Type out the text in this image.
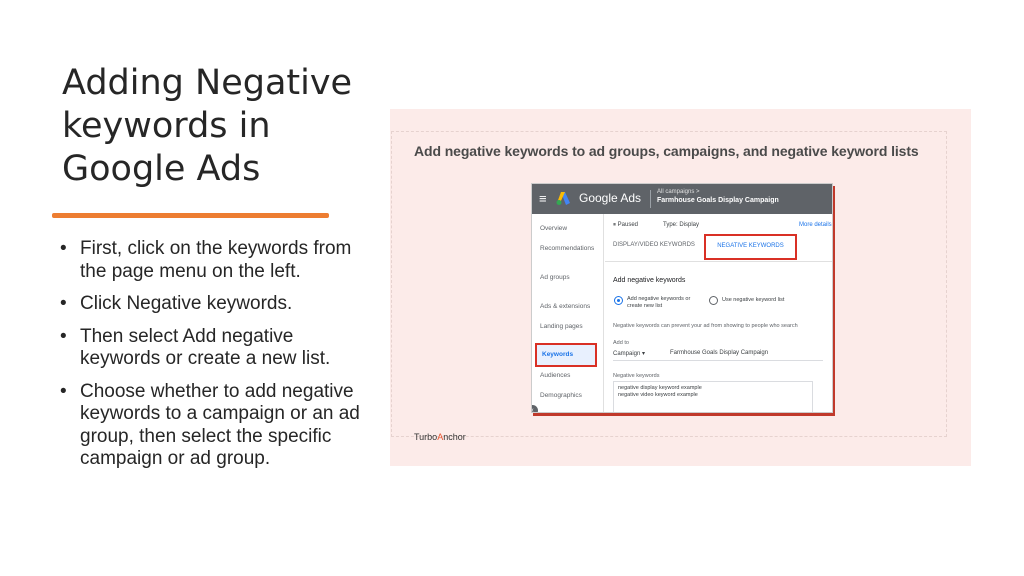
Adding Negative
keywords in
Google Ads
• First, click on the keywords from the page menu on the left.
• Click Negative keywords.
• Then select Add negative keywords or create a new list.
• Choose whether to add negative keywords to a campaign or an ad group, then select the specific campaign or ad group.
Add negative keywords to ad groups, campaigns, and negative keyword lists
TurboAnchor
≡	Google Ads	All campaigns >
Farmhouse Goals Display Campaign
Overview
Recommendations
Ad groups
Ads & extensions
Landing pages
Keywords
Audiences
Demographics
‹
⏸ Paused	Type: Display	More details
DISPLAY/VIDEO KEYWORDS	NEGATIVE KEYWORDS
Add negative keywords
Add negative keywords or create new list
Use negative keyword list
Negative keywords can prevent your ad from showing to people who search
Add to
Campaign ▾	Farmhouse Goals Display Campaign
Negative keywords
negative display keyword example
negative video keyword example
